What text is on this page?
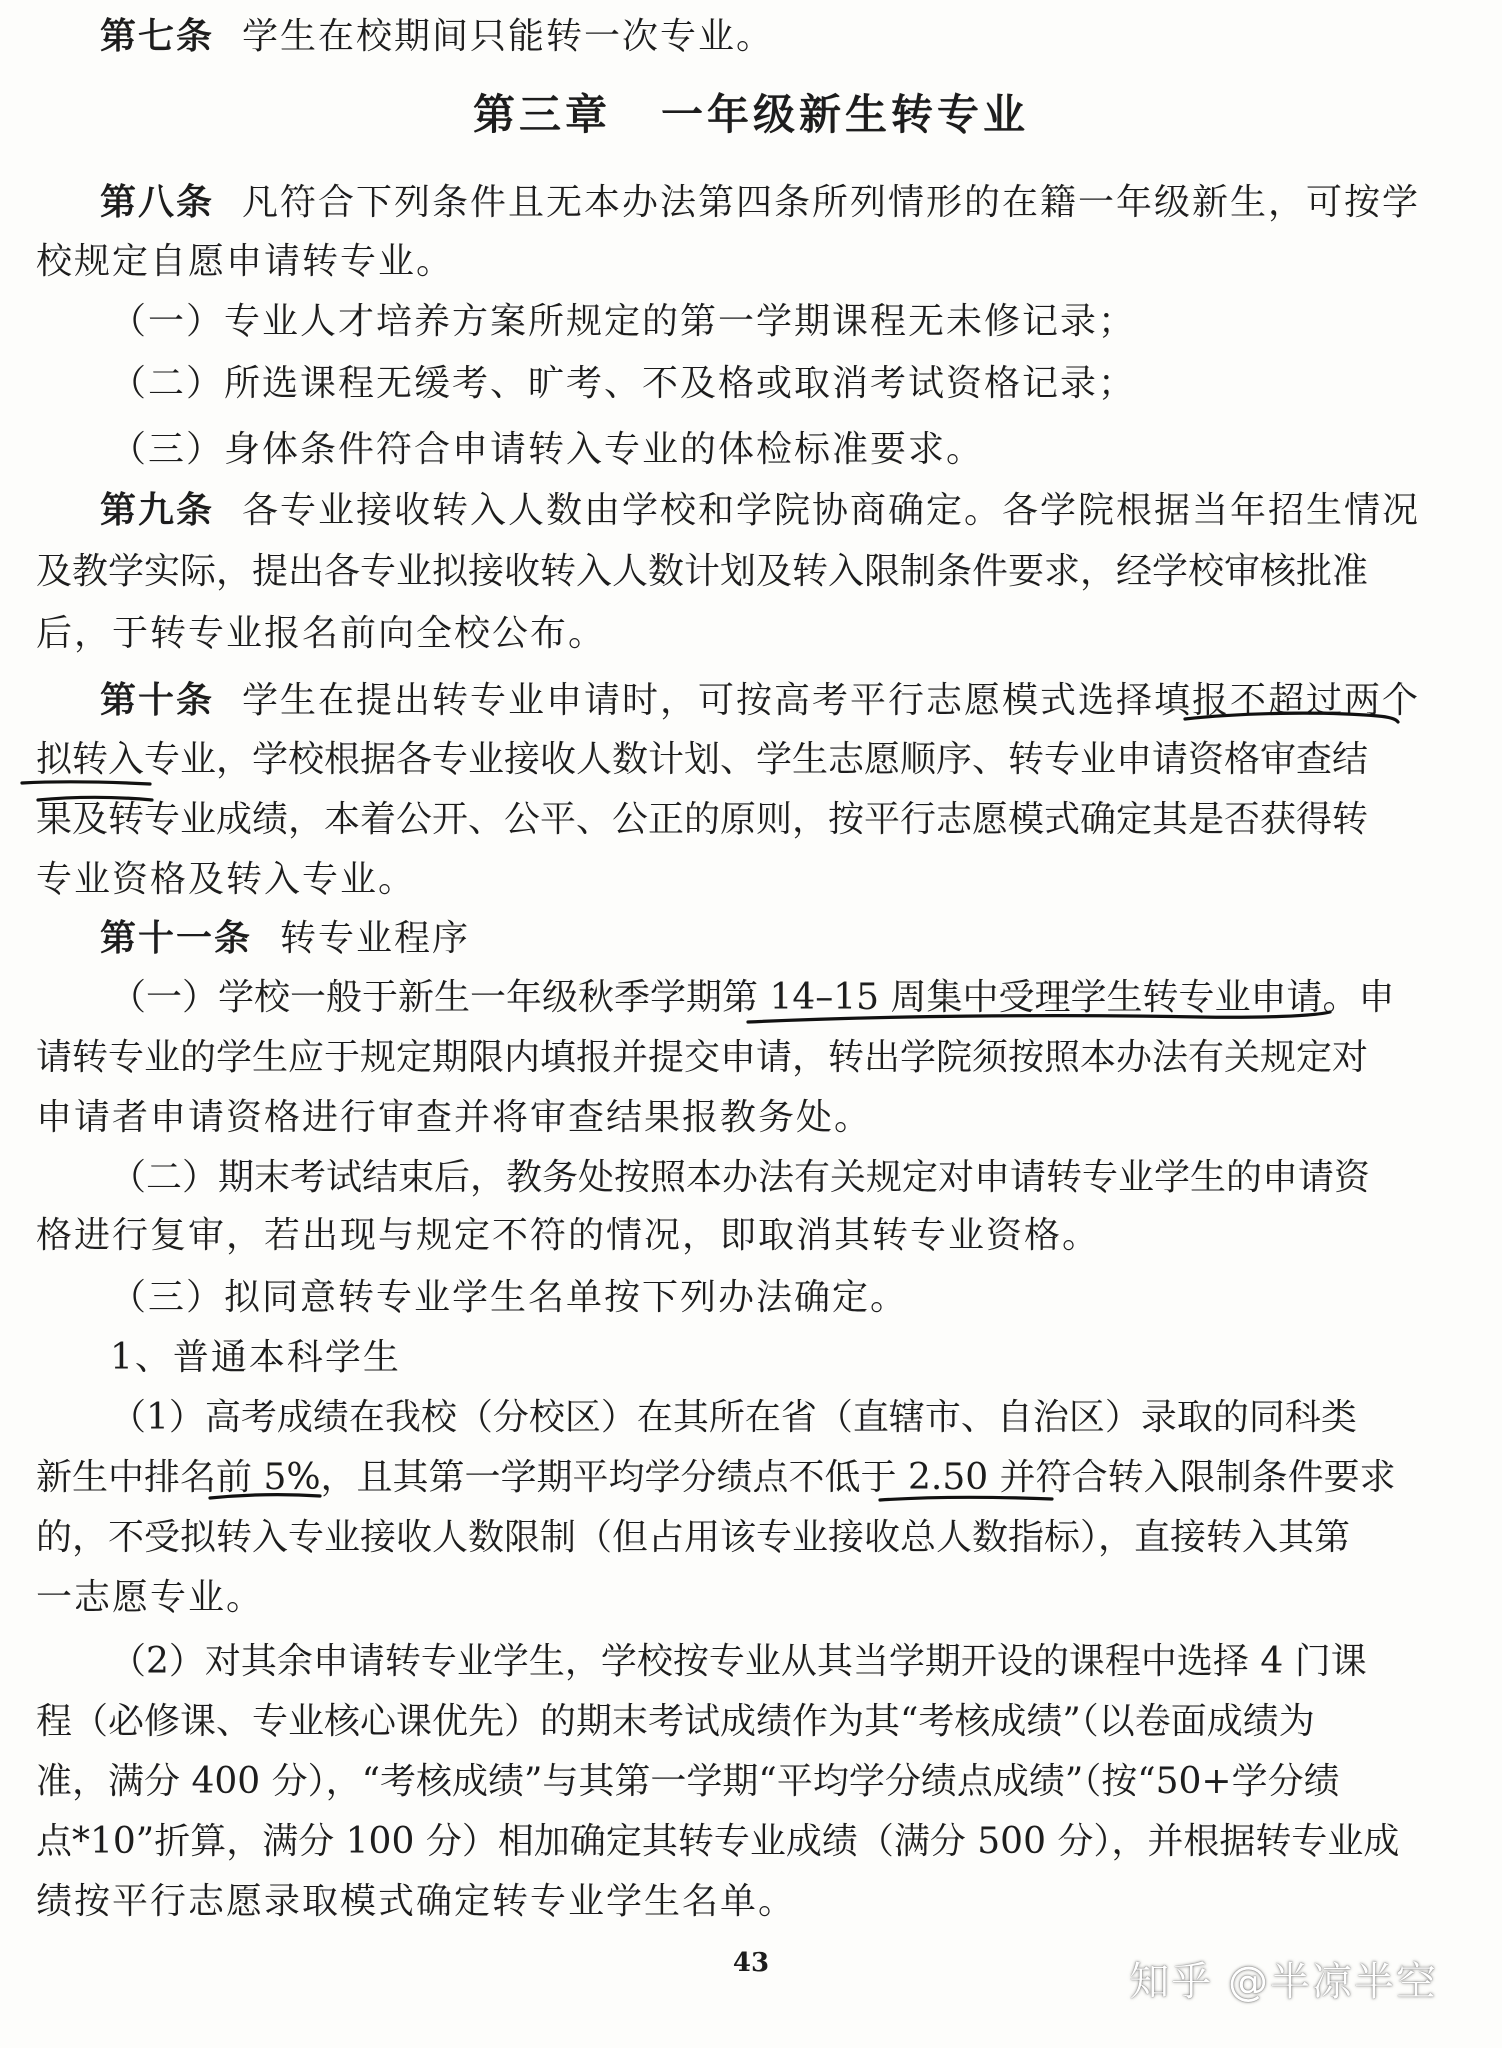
第七条 学生在校期间只能转一次专业。
第三章 一年级新生转专业
第八条 凡符合下列条件且无本办法第四条所列情形的在籍一年级新生，可按学
校规定自愿申请转专业。
（一）专业人才培养方案所规定的第一学期课程无未修记录；
（二）所选课程无缓考、旷考、不及格或取消考试资格记录；
（三）身体条件符合申请转入专业的体检标准要求。
第九条 各专业接收转入人数由学校和学院协商确定。各学院根据当年招生情况
及教学实际，提出各专业拟接收转入人数计划及转入限制条件要求，经学校审核批准
后，于转专业报名前向全校公布。
第十条 学生在提出转专业申请时，可按高考平行志愿模式选择填报不超过两个
拟转入专业，学校根据各专业接收人数计划、学生志愿顺序、转专业申请资格审查结
果及转专业成绩，本着公开、公平、公正的原则，按平行志愿模式确定其是否获得转
专业资格及转入专业。
第十一条 转专业程序
（一）学校一般于新生一年级秋季学期第 14–15 周集中受理学生转专业申请。申
请转专业的学生应于规定期限内填报并提交申请，转出学院须按照本办法有关规定对
申请者申请资格进行审查并将审查结果报教务处。
（二）期末考试结束后，教务处按照本办法有关规定对申请转专业学生的申请资
格进行复审，若出现与规定不符的情况，即取消其转专业资格。
（三）拟同意转专业学生名单按下列办法确定。
1、普通本科学生
（1）高考成绩在我校（分校区）在其所在省（直辖市、自治区）录取的同科类
新生中排名前 5%，且其第一学期平均学分绩点不低于 2.50 并符合转入限制条件要求
的，不受拟转入专业接收人数限制（但占用该专业接收总人数指标），直接转入其第
一志愿专业。
（2）对其余申请转专业学生，学校按专业从其当学期开设的课程中选择 4 门课
程（必修课、专业核心课优先）的期末考试成绩作为其“考核成绩”（以卷面成绩为
准，满分 400 分），“考核成绩”与其第一学期“平均学分绩点成绩”（按“50+学分绩
点*10”折算，满分 100 分）相加确定其转专业成绩（满分 500 分），并根据转专业成
绩按平行志愿录取模式确定转专业学生名单。
43	知乎 @半凉半空
